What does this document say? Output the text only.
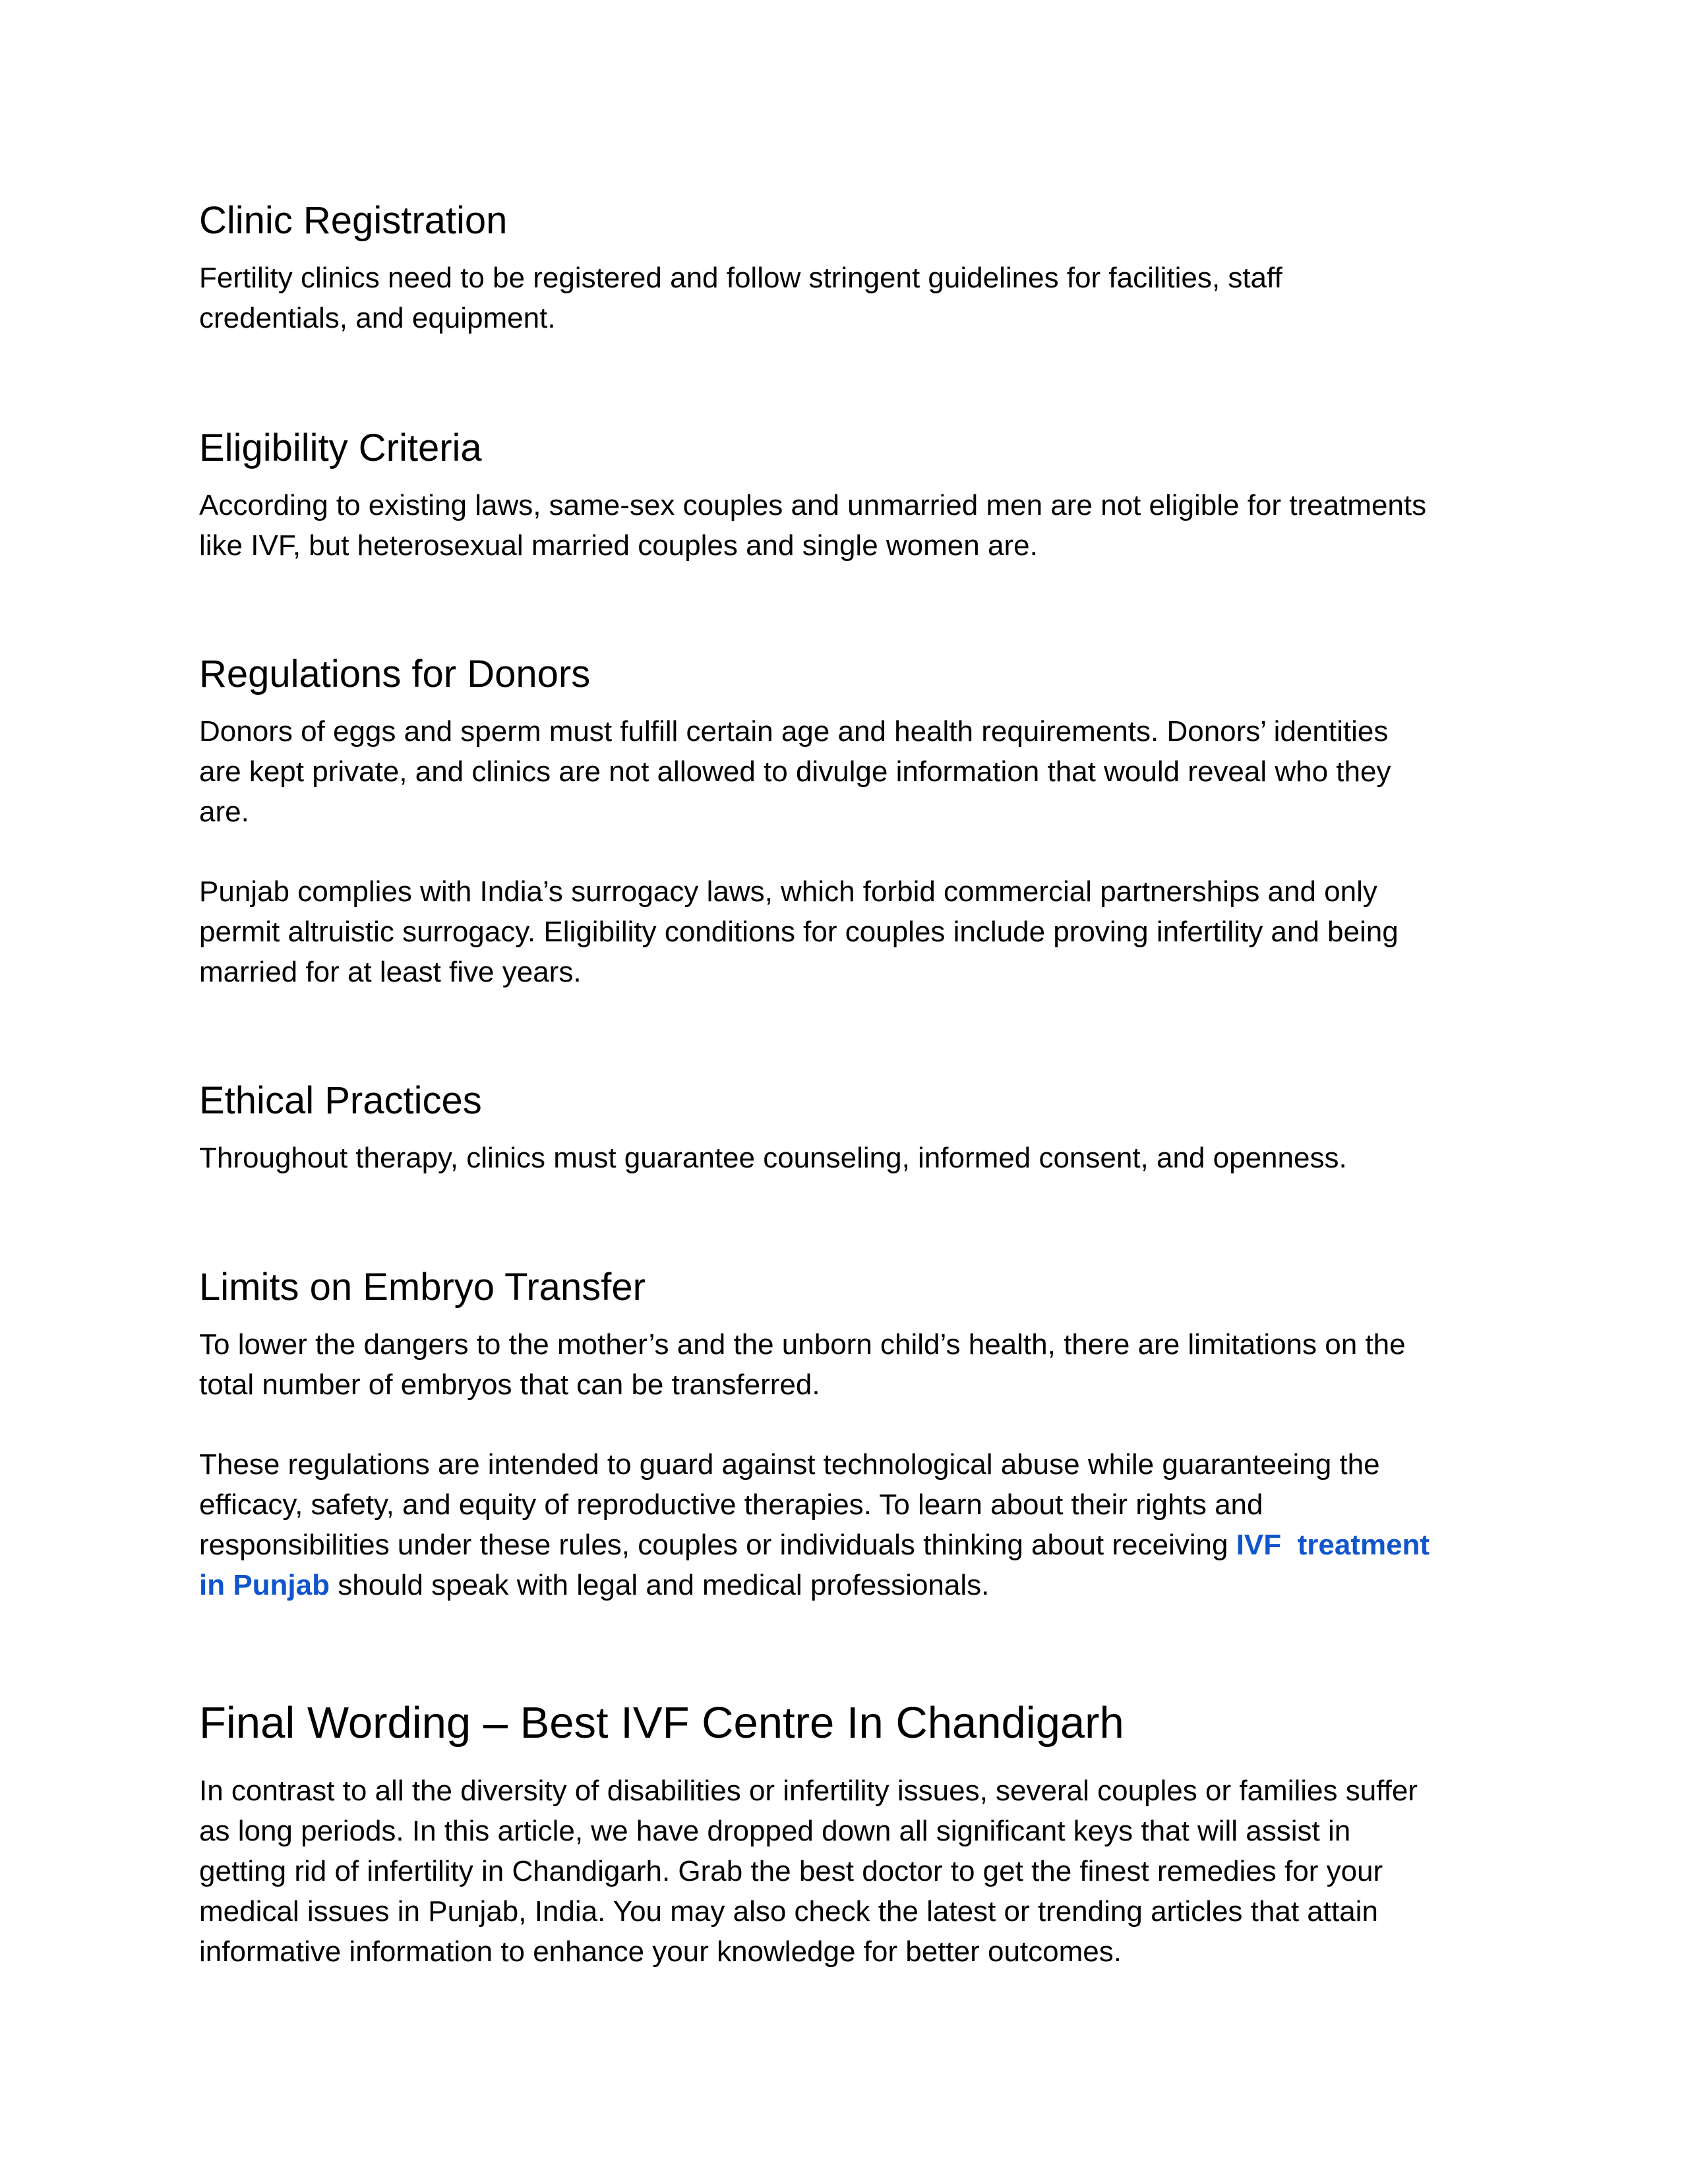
Clinic Registration

Fertility clinics need to be registered and follow stringent guidelines for facilities, staff
credentials, and equipment.

Eligibility Criteria

According to existing laws, same-sex couples and unmarried men are not eligible for treatments
like IVF, but heterosexual married couples and single women are.

Regulations for Donors

Donors of eggs and sperm must fulfill certain age and health requirements. Donors’ identities
are kept private, and clinics are not allowed to divulge information that would reveal who they
are.

Punjab complies with India’s surrogacy laws, which forbid commercial partnerships and only
permit altruistic surrogacy. Eligibility conditions for couples include proving infertility and being
married for at least five years.

Ethical Practices

Throughout therapy, clinics must guarantee counseling, informed consent, and openness.

Limits on Embryo Transfer

To lower the dangers to the mother’s and the unborn child’s health, there are limitations on the
total number of embryos that can be transferred.

These regulations are intended to guard against technological abuse while guaranteeing the
efficacy, safety, and equity of reproductive therapies. To learn about their rights and
responsibilities under these rules, couples or individuals thinking about receiving IVF  treatment
in Punjab should speak with legal and medical professionals.

Final Wording – Best IVF Centre In Chandigarh

In contrast to all the diversity of disabilities or infertility issues, several couples or families suffer
as long periods. In this article, we have dropped down all significant keys that will assist in
getting rid of infertility in Chandigarh. Grab the best doctor to get the finest remedies for your
medical issues in Punjab, India. You may also check the latest or trending articles that attain
informative information to enhance your knowledge for better outcomes.
